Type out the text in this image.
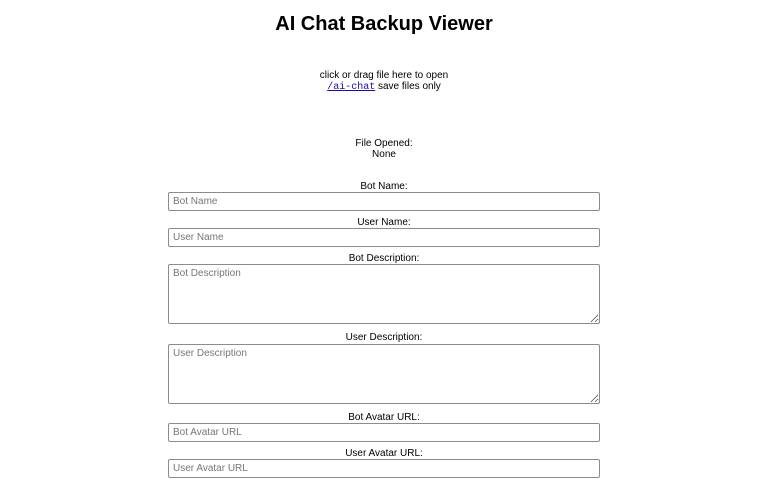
AI Chat Backup Viewer
click or drag file here to open
/ai-chat save files only
File Opened:
None
Bot Name:
Bot Name
User Name:
User Name
Bot Description:
Bot Description
User Description:
User Description
Bot Avatar URL:
Bot Avatar URL
User Avatar URL:
User Avatar URL
